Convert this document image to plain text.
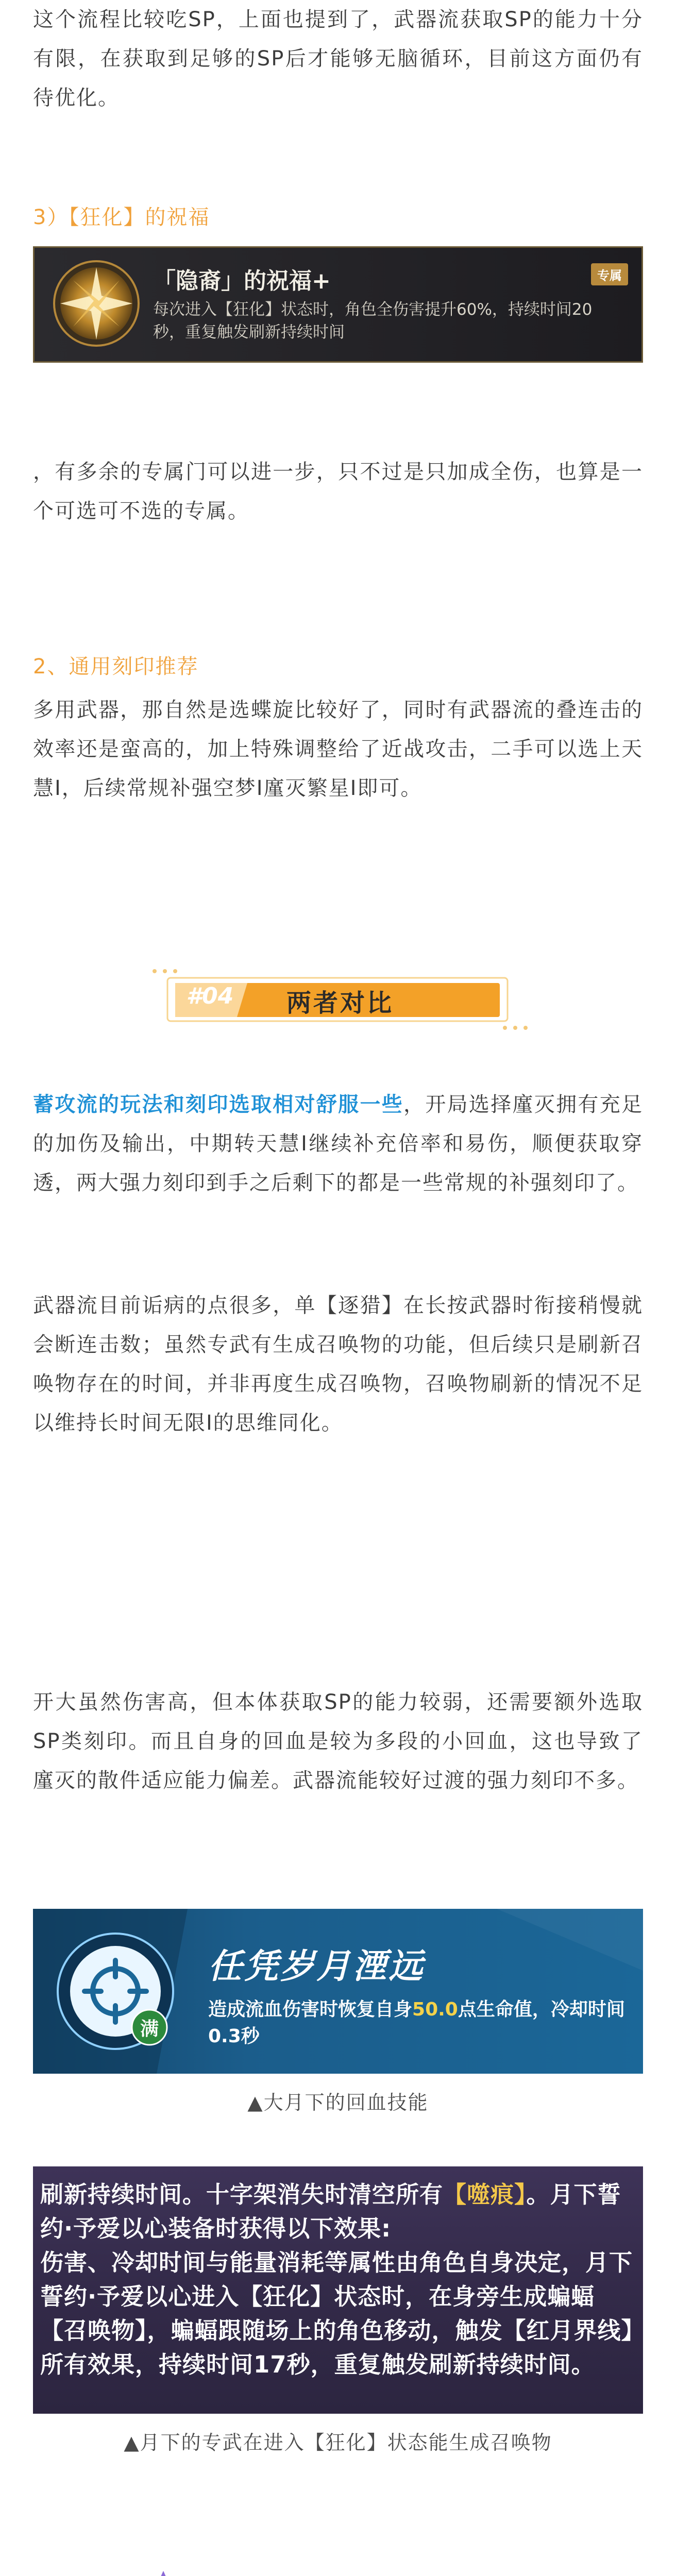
这个流程比较吃SP，上面也提到了，武器流获取SP的能力十分有限，在获取到足够的SP后才能够无脑循环，目前这方面仍有待优化。

3）【狂化】的祝福
「隐裔」的祝福+
每次进入【狂化】状态时，角色全伤害提升60%，持续时间20秒，重复触发刷新持续时间
专属

，有多余的专属门可以进一步，只不过是只加成全伤，也算是一个可选可不选的专属。

2、通用刻印推荐

多用武器，那自然是选蝶旋比较好了，同时有武器流的叠连击的效率还是蛮高的，加上特殊调整给了近战攻击，二手可以选上天慧Ⅰ，后续常规补强空梦Ⅰ廑灭繁星Ⅰ即可。

#04	两者对比

蓄攻流的玩法和刻印选取相对舒服一些，开局选择廑灭拥有充足的加伤及输出，中期转天慧Ⅰ继续补充倍率和易伤，顺便获取穿透，两大强力刻印到手之后剩下的都是一些常规的补强刻印了。

武器流目前诟病的点很多，单【逐猎】在长按武器时衔接稍慢就会断连击数；虽然专武有生成召唤物的功能，但后续只是刷新召唤物存在的时间，并非再度生成召唤物，召唤物刷新的情况不足以维持长时间无限Ⅰ的思维同化。

开大虽然伤害高，但本体获取SP的能力较弱，还需要额外选取SP类刻印。而且自身的回血是较为多段的小回血，这也导致了廑灭的散件适应能力偏差。武器流能较好过渡的强力刻印不多。

满
任凭岁月湮远
造成流血伤害时恢复自身50.0点生命值，冷却时间0.3秒
▲大月下的回血技能

刷新持续时间。十字架消失时清空所有【噬痕】。月下誓约·予爱以心装备时获得以下效果:

伤害、冷却时间与能量消耗等属性由角色自身决定，月下誓约·予爱以心进入【狂化】状态时，在身旁生成蝙蝠【召唤物】，蝙蝠跟随场上的角色移动，触发【红月界线】所有效果，持续时间17秒，重复触发刷新持续时间。

▲月下的专武在进入【狂化】状态能生成召唤物
